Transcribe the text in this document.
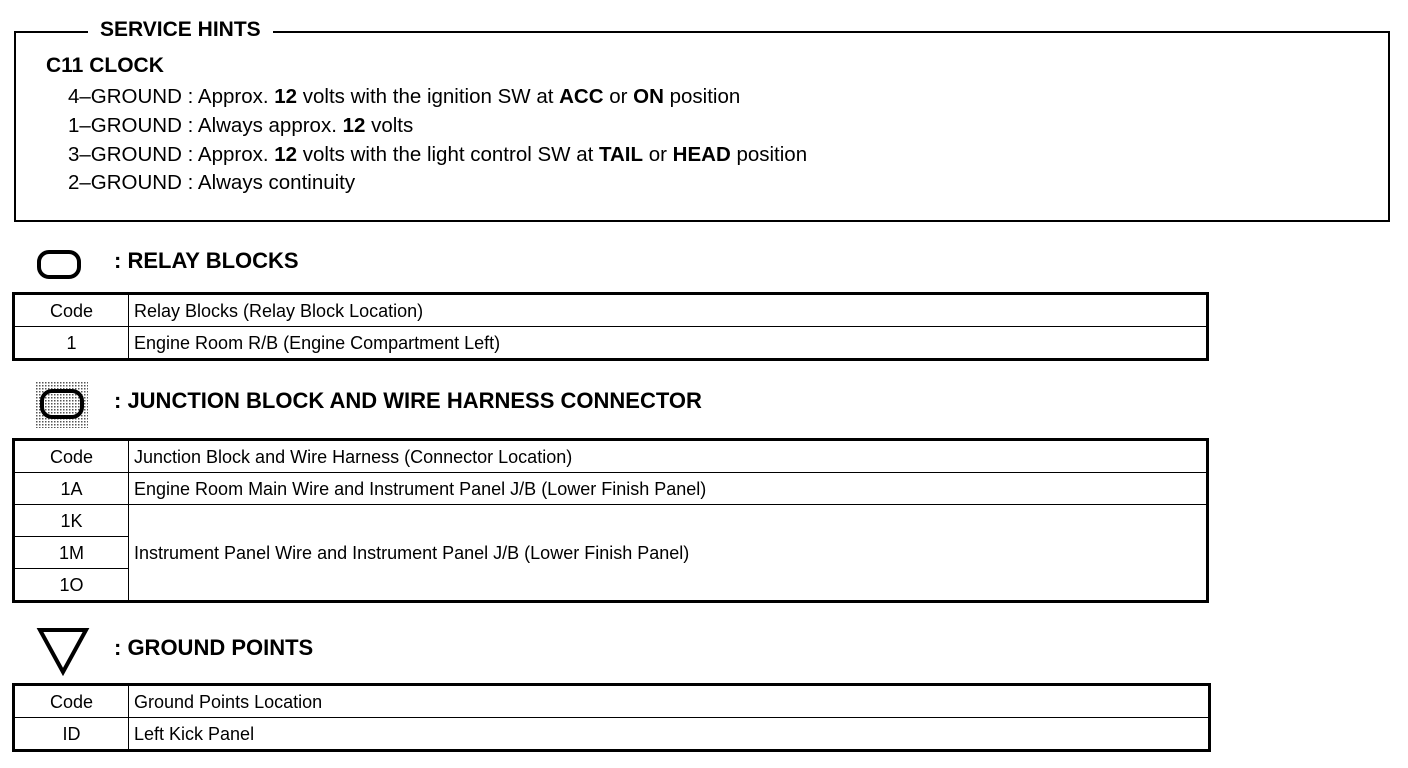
SERVICE HINTS
C11 CLOCK
4–GROUND : Approx. 12 volts with the ignition SW at ACC or ON position
1–GROUND : Always approx. 12 volts
3–GROUND : Approx. 12 volts with the light control SW at TAIL or HEAD position
2–GROUND : Always continuity
: RELAY BLOCKS
Code	Relay Blocks (Relay Block Location)
1	Engine Room R/B (Engine Compartment Left)
: JUNCTION BLOCK AND WIRE HARNESS CONNECTOR
Code	Junction Block and Wire Harness (Connector Location)
1A	Engine Room Main Wire and Instrument Panel J/B (Lower Finish Panel)
1K	Instrument Panel Wire and Instrument Panel J/B (Lower Finish Panel)
1M	
1O	
: GROUND POINTS
Code	Ground Points Location
ID	Left Kick Panel
